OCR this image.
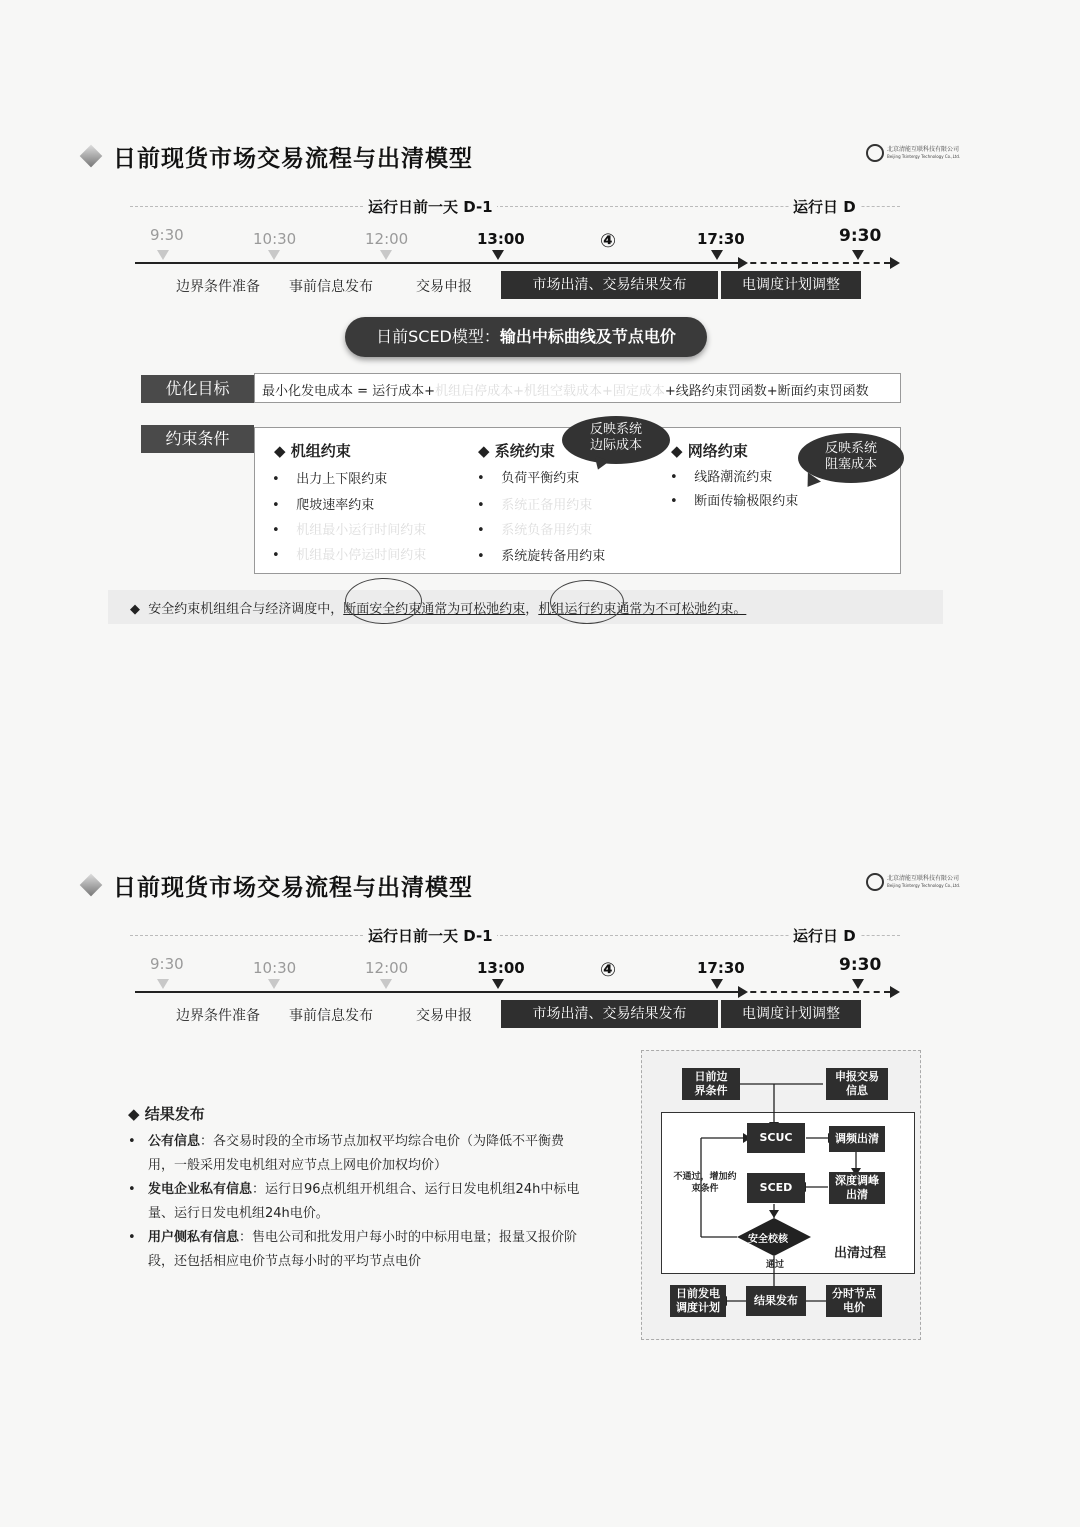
日前现货市场交易流程与出清模型	北京清能互联科技有限公司
Beijing Tsintergy Technology Co.,Ltd.
运行日前一天 D-1	运行日 D
9:30	10:30	12:00	13:00	④	17:30	9:30
边界条件准备 事前信息发布	交易申报	市场出清、交易结果发布	电调度计划调整
日前SCED模型：输出中标曲线及节点电价
优化目标	最小化发电成本 = 运行成本+机组启停成本+机组空载成本+固定成本+线路约束罚函数+断面约束罚函数
约束条件
◆ 机组约束
•    出力上下限约束
•    爬坡速率约束
• 机组最小运行时间约束
• 机组最小停运时间约束
◆ 系统约束
•    负荷平衡约束
• 系统正备用约束
• 系统负备用约束
•    系统旋转备用约束
◆ 网络约束
•    线路潮流约束
•    断面传输极限约束
反映系统边际成本	反映系统阻塞成本
◆  安全约束机组组合与经济调度中，断面安全约束通常为可松弛约束，机组运行约束通常为不可松弛约束。
日前现货市场交易流程与出清模型	北京清能互联科技有限公司
Beijing Tsintergy Technology Co.,Ltd.
运行日前一天 D-1	运行日 D
9:30	10:30	12:00	13:00	④	17:30	9:30
边界条件准备 事前信息发布	交易申报	市场出清、交易结果发布	电调度计划调整
◆ 结果发布
• 公有信息：各交易时段的全市场节点加权平均综合电价（为降低不平衡费用，一般采用发电机组对应节点上网电价加权均价）
• 发电企业私有信息：运行日96点机组开机组合、运行日发电机组24h中标电量、运行日发电机组24h电价。
• 用户侧私有信息：售电公司和批发用户每小时的中标用电量；报量又报价阶段，还包括相应电价节点每小时的平均节点电价
日前边界条件
申报交易信息
SCUC	调频出清
SCED
深度调峰出清
安全校核
不通过，增加约束条件
通过
出清过程
日前发电调度计划
结果发布
分时节点电价
